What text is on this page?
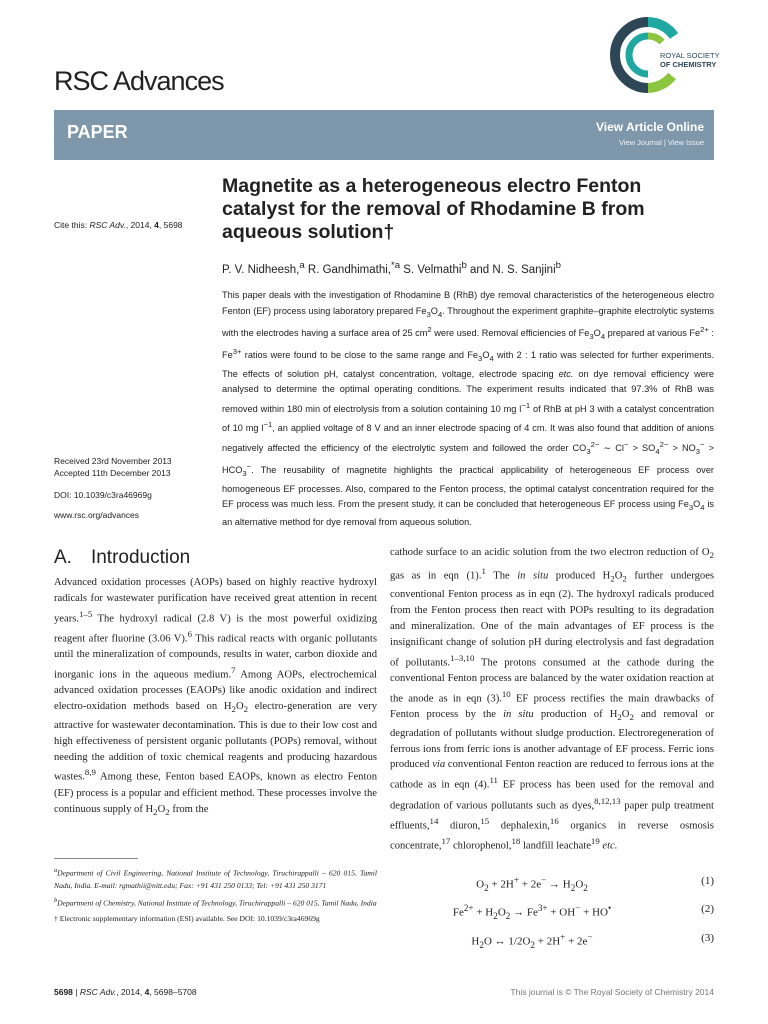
RSC Advances
ROYAL SOCIETY
OF CHEMISTRY
PAPER	View Article Online
View Journal | View Issue
Cite this: RSC Adv., 2014, 4, 5698
Magnetite as a heterogeneous electro Fenton catalyst for the removal of Rhodamine B from aqueous solution†
P. V. Nidheesh,$^a$ R. Gandhimathi,$^{*a}$ S. Velmathi$^b$ and N. S. Sanjini$^b$
This paper deals with the investigation of Rhodamine B (RhB) dye removal characteristics of the heterogeneous electro Fenton (EF) process using laboratory prepared $Fe_3O_4$. Throughout the experiment graphite–graphite electrolytic systems with the electrodes having a surface area of 25 $cm^2$ were used. Removal efficiencies of $Fe_3O_4$ prepared at various $Fe^{2+}$ : $Fe^{3+}$ ratios were found to be close to the same range and $Fe_3O_4$ with 2 : 1 ratio was selected for further experiments. The effects of solution pH, catalyst concentration, voltage, electrode spacing etc. on dye removal efficiency were analysed to determine the optimal operating conditions. The experiment results indicated that 97.3% of RhB was removed within 180 min of electrolysis from a solution containing 10 mg $l^{-1}$ of RhB at pH 3 with a catalyst concentration of 10 mg $l^{-1}$, an applied voltage of 8 V and an inner electrode spacing of 4 cm. It was also found that addition of anions negatively affected the efficiency of the electrolytic system and followed the order $CO_3^{2-}$ ∼ $Cl^- > SO_4^{2-} > NO_3^- > HCO_3^-$. The reusability of magnetite highlights the practical applicability of heterogeneous EF process over homogeneous EF processes. Also, compared to the Fenton process, the optimal catalyst concentration required for the EF process was much less. From the present study, it can be concluded that heterogeneous EF process using $Fe_3O_4$ is an alternative method for dye removal from aqueous solution.
Received 23rd November 2013
Accepted 11th December 2013
DOI: 10.1039/c3ra46969g
www.rsc.org/advances
A. Introduction
Advanced oxidation processes (AOPs) based on highly reactive hydroxyl radicals for wastewater purification have received great attention in recent years.$^{1-5}$ The hydroxyl radical (2.8 V) is the most powerful oxidizing reagent after fluorine (3.06 V).$^6$ This radical reacts with organic pollutants until the mineralization of compounds, results in water, carbon dioxide and inorganic ions in the aqueous medium.$^7$ Among AOPs, electrochemical advanced oxidation processes (EAOPs) like anodic oxidation and indirect electro-oxidation methods based on $H_2O_2$ electro-generation are very attractive for wastewater decontamination. This is due to their low cost and high effectiveness of persistent organic pollutants (POPs) removal, without needing the addition of toxic chemical reagents and producing hazardous wastes.$^{8,9}$ Among these, Fenton based EAOPs, known as electro Fenton (EF) process is a popular and efficient method. These processes involve the continuous supply of $H_2O_2$ from the
cathode surface to an acidic solution from the two electron reduction of $O_2$ gas as in eqn (1).$^1$ The in situ produced $H_2O_2$ further undergoes conventional Fenton process as in eqn (2). The hydroxyl radicals produced from the Fenton process then react with POPs resulting to its degradation and mineralization. One of the main advantages of EF process is the insignificant change of solution pH during electrolysis and fast degradation of pollutants.$^{1-3,10}$ The protons consumed at the cathode during the conventional Fenton process are balanced by the water oxidation reaction at the anode as in eqn (3).$^{10}$ EF process rectifies the main drawbacks of Fenton process by the in situ production of $H_2O_2$ and removal or degradation of pollutants without sludge production. Electroregeneration of ferrous ions from ferric ions is another advantage of EF process. Ferric ions produced via conventional Fenton reaction are reduced to ferrous ions at the cathode as in eqn (4).$^{11}$ EF process has been used for the removal and degradation of various pollutants such as dyes,$^{8,12,13}$ paper pulp treatment effluents,$^{14}$ diuron,$^{15}$ dephalexin,$^{16}$ organics in reverse osmosis concentrate,$^{17}$ chlorophenol,$^{18}$ landfill leachate$^{19}$ etc.

$^a$Department of Civil Engineering, National Institute of Technology, Tiruchirappalli – 620 015, Tamil Nadu, India. E-mail: rgmathii@nitt.edu; Fax: +91 431 250 0133; Tel: +91 431 250 3171

$^b$Department of Chemistry, National Institute of Technology, Tiruchirappalli – 620 015, Tamil Nadu, India

† Electronic supplementary information (ESI) available. See DOI: 10.1039/c3ra46969g

$O_2 + 2H^+ + 2e^- \to H_2O_2$
(1)
$Fe^{2+} + H_2O_2 \to Fe^{3+} + OH^- + HO^•$	(2)
$H_2O$ ↔ $1/2O_2 + 2H^+ + 2e^-$	(3)
5698 | RSC Adv., 2014, 4, 5698–5708	This journal is © The Royal Society of Chemistry 2014
